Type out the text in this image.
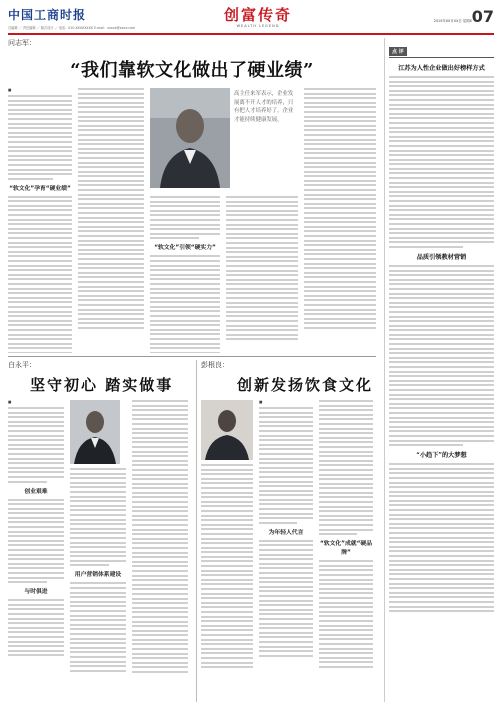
中国工商时报
总编辑 ／ 责任编辑 ／ 版式设计 ／ 电话：010-XXXXXXXX E-mail：xxxxx@xxxx.com
创富传奇
WEALTH LEGEND
2019年XX月XX日 星期X 07
问志军：
“我们靠软文化做出了硬业绩”
■
“软文化”孕育“硬业绩”
高主任来军表示，企业发展离不开人才的培养，只有把人才培养好了，企业才能持续健康发展。
“软文化”引领“硬实力”
白永平：
坚守初心 踏实做事
■
创业艰难
与时俱进
用户营销体系建设
彭根良：
创新发扬饮食文化
■
为年轻人代言
“软文化”成就“硬品牌”
点 评
江苏为人性企业做出好榜样方式
品质引领教材营销
“小趋下”的大梦想
